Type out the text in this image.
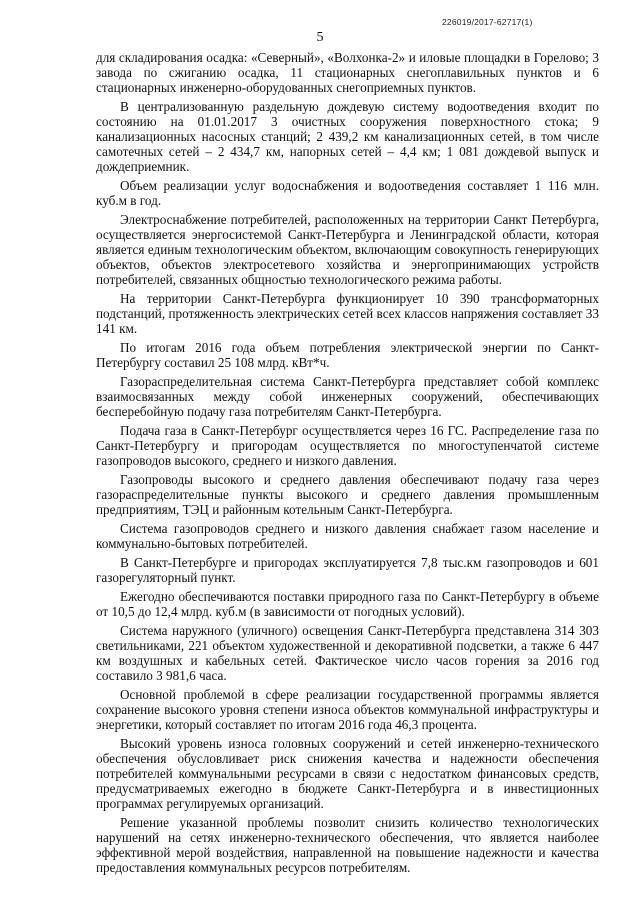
226019/2017-62717(1)
5

для складирования осадка: «Северный», «Волхонка-2» и иловые площадки в Горелово; 3 завода по сжиганию осадка, 11 стационарных снегоплавильных пунктов и 6 стационарных инженерно-оборудованных снегоприемных пунктов.

В централизованную раздельную дождевую систему водоотведения входит по состоянию на 01.01.2017 3 очистных сооружения поверхностного стока; 9 канализационных насосных станций; 2 439,2 км канализационных сетей, в том числе самотечных сетей – 2 434,7 км, напорных сетей – 4,4 км; 1 081 дождевой выпуск и дождеприемник.

Объем реализации услуг водоснабжения и водоотведения составляет 1 116 млн. куб.м в год.

Электроснабжение потребителей, расположенных на территории Санкт Петербурга, осуществляется энергосистемой Санкт-Петербурга и Ленинградской области, которая является единым технологическим объектом, включающим совокупность генерирующих объектов, объектов электросетевого хозяйства и энергопринимающих устройств потребителей, связанных общностью технологического режима работы.

На территории Санкт-Петербурга функционирует 10 390 трансформаторных подстанций, протяженность электрических сетей всех классов напряжения составляет 33 141 км.

По итогам 2016 года объем потребления электрической энергии по Санкт-Петербургу составил 25 108 млрд. кВт*ч.

Газораспределительная система Санкт-Петербурга представляет собой комплекс взаимосвязанных между собой инженерных сооружений, обеспечивающих бесперебойную подачу газа потребителям Санкт-Петербурга.

Подача газа в Санкт-Петербург осуществляется через 16 ГС. Распределение газа по Санкт-Петербургу и пригородам осуществляется по многоступенчатой системе газопроводов высокого, среднего и низкого давления.

Газопроводы высокого и среднего давления обеспечивают подачу газа через газораспределительные пункты высокого и среднего давления промышленным предприятиям, ТЭЦ и районным котельным Санкт-Петербурга.

Система газопроводов среднего и низкого давления снабжает газом население и коммунально-бытовых потребителей.

В Санкт-Петербурге и пригородах эксплуатируется 7,8 тыс.км газопроводов и 601 газорегуляторный пункт.

Ежегодно обеспечиваются поставки природного газа по Санкт-Петербургу в объеме от 10,5 до 12,4 млрд. куб.м (в зависимости от погодных условий).

Система наружного (уличного) освещения Санкт-Петербурга представлена 314 303 светильниками, 221 объектом художественной и декоративной подсветки, а также 6 447 км воздушных и кабельных сетей. Фактическое число часов горения за 2016 год составило 3 981,6 часа.

Основной проблемой в сфере реализации государственной программы является сохранение высокого уровня степени износа объектов коммунальной инфраструктуры и энергетики, который составляет по итогам 2016 года 46,3 процента.

Высокий уровень износа головных сооружений и сетей инженерно-технического обеспечения обусловливает риск снижения качества и надежности обеспечения потребителей коммунальными ресурсами в связи с недостатком финансовых средств, предусматриваемых ежегодно в бюджете Санкт-Петербурга и в инвестиционных программах регулируемых организаций.

Решение указанной проблемы позволит снизить количество технологических нарушений на сетях инженерно-технического обеспечения, что является наиболее эффективной мерой воздействия, направленной на повышение надежности и качества предоставления коммунальных ресурсов потребителям.
